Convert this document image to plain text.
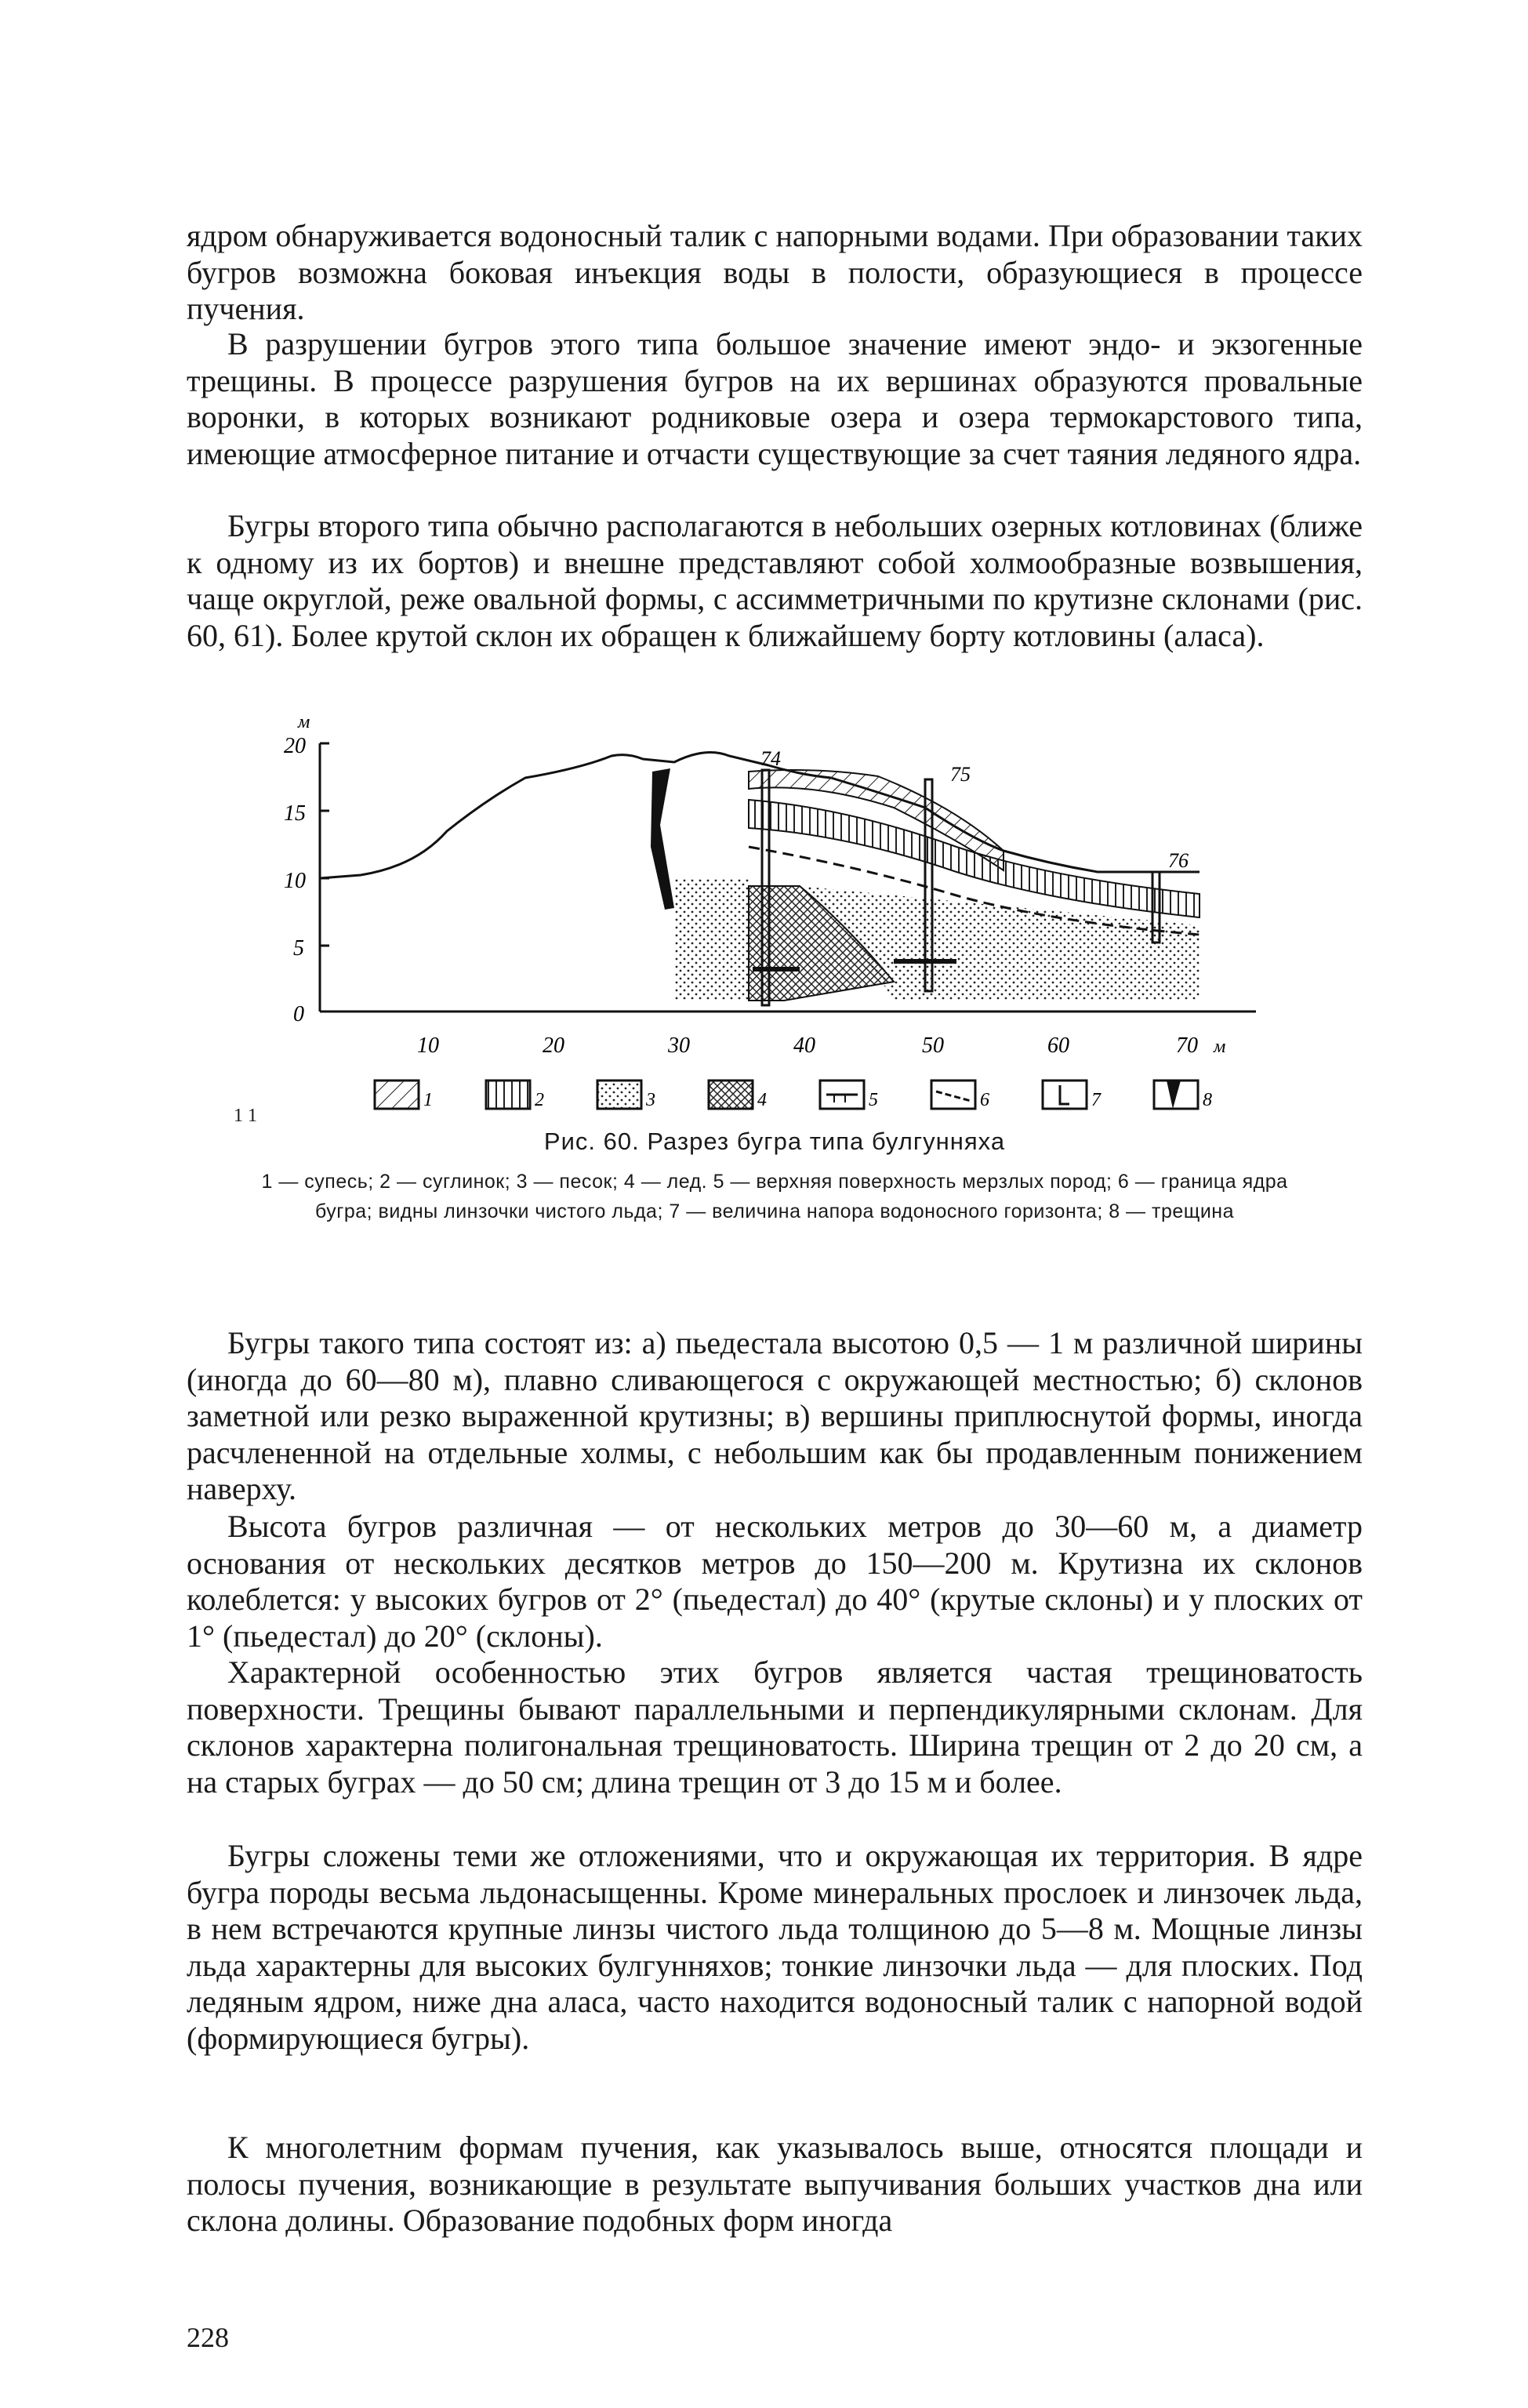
ядром обнаруживается водоносный талик с напорными водами. При образовании таких бугров возможна боковая инъекция воды в полости, образующиеся в процессе пучения.

В разрушении бугров этого типа большое значение имеют эндо- и экзогенные трещины. В процессе разрушения бугров на их вершинах образуются провальные воронки, в которых возникают родниковые озера и озера термокарстового типа, имеющие атмосферное питание и отчасти существующие за счет таяния ледяного ядра.

Бугры второго типа обычно располагаются в небольших озерных котловинах (ближе к одному из их бортов) и внешне представляют собой холмообразные возвышения, чаще округлой, реже овальной формы, с ассимметричными по крутизне склонами (рис. 60, 61). Более крутой склон их обращен к ближайшему борту котловины (аласа).

м
20
15
10
5
0
10	20	30	40	50	60	70 м
74
75
76
1	2	3	4	5	6	7	8
1 1
Рис. 60. Разрез бугра типа булгунняха
1 — супесь; 2 — суглинок; 3 — песок; 4 — лед. 5 — верхняя поверхность мерзлых пород; 6 — граница ядра бугра; видны линзочки чистого льда; 7 — величина напора водоносного горизонта; 8 — трещина

Бугры такого типа состоят из: а) пьедестала высотою 0,5 — 1 м различной ширины (иногда до 60—80 м), плавно сливающегося с окружающей местностью; б) склонов заметной или резко выраженной крутизны; в) вершины приплюснутой формы, иногда расчлененной на отдельные холмы, с небольшим как бы продавленным понижением наверху.

Высота бугров различная — от нескольких метров до 30—60 м, а диаметр основания от нескольких десятков метров до 150—200 м. Крутизна их склонов колеблется: у высоких бугров от 2° (пьедестал) до 40° (крутые склоны) и у плоских от 1° (пьедестал) до 20° (склоны).

Характерной особенностью этих бугров является частая трещиноватость поверхности. Трещины бывают параллельными и перпендикулярными склонам. Для склонов характерна полигональная трещиноватость. Ширина трещин от 2 до 20 см, а на старых буграх — до 50 см; длина трещин от 3 до 15 м и более.

Бугры сложены теми же отложениями, что и окружающая их территория. В ядре бугра породы весьма льдонасыщенны. Кроме минеральных прослоек и линзочек льда, в нем встречаются крупные линзы чистого льда толщиною до 5—8 м. Мощные линзы льда характерны для высоких булгунняхов; тонкие линзочки льда — для плоских. Под ледяным ядром, ниже дна аласа, часто находится водоносный талик с напорной водой (формирующиеся бугры).

К многолетним формам пучения, как указывалось выше, относятся площади и полосы пучения, возникающие в результате выпучивания больших участков дна или склона долины. Образование подобных форм иногда

228
